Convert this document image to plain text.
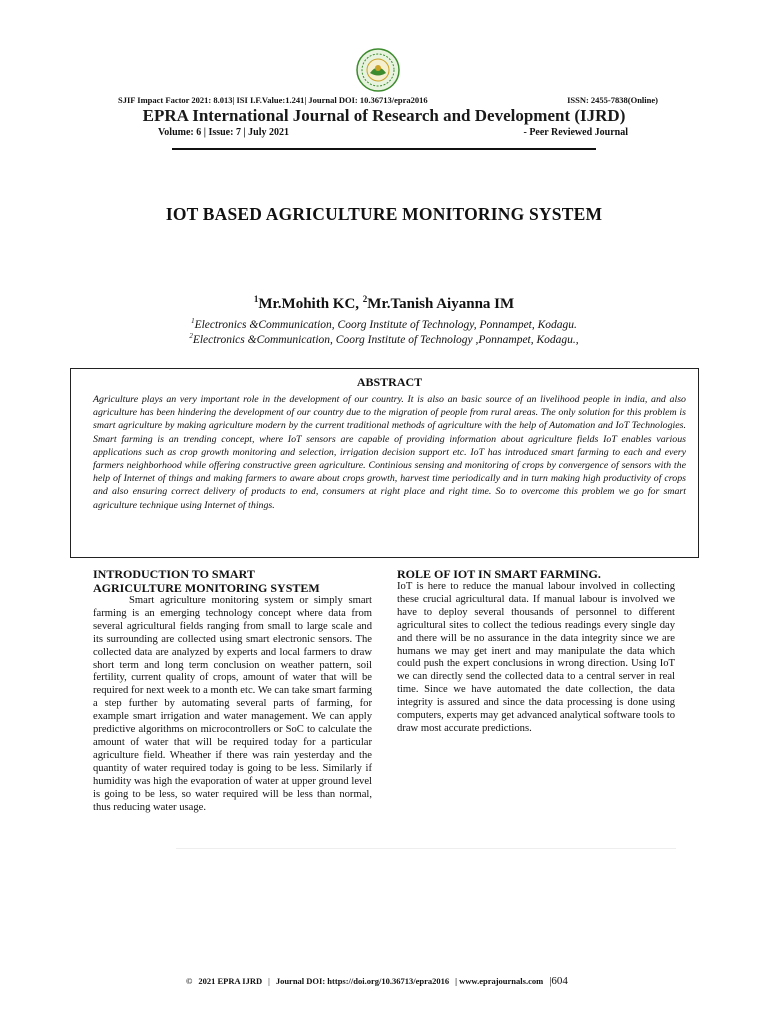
SJIF Impact Factor 2021: 8.013| ISI I.F.Value:1.241| Journal DOI: 10.36713/epra2016	ISSN: 2455-7838(Online)
EPRA International Journal of Research and Development (IJRD)
Volume: 6 | Issue: 7 | July 2021	- Peer Reviewed Journal
IOT BASED AGRICULTURE MONITORING SYSTEM
$^1$Mr.Mohith KC, $^2$Mr.Tanish Aiyanna IM
$^1$Electronics &Communication, Coorg Institute of Technology, Ponnampet, Kodagu.
$^2$Electronics &Communication, Coorg Institute of Technology ,Ponnampet, Kodagu.,

ABSTRACT

Agriculture plays an very important role in the development of our country. It is also an basic source of an livelihood people in india, and also agriculture has been hindering the development of our country due to the migration of people from rural areas. The only solution for this problem is smart agriculture by making agriculture modern by the current traditional methods of agriculture with the help of Automation and IoT Technologies. Smart farming is an trending concept, where IoT sensors are capable of providing information about agriculture fields IoT enables various applications such as crop growth monitoring and selection, irrigation decision support etc. IoT has introduced smart farming to each and every farmers neighborhood while offering constructive green agriculture. Continious sensing and monitoring of crops by convergence of sensors with the help of Internet of things and making farmers to aware about crops growth, harvest time periodically and in turn making high productivity of crops and also ensuring correct delivery of products to end, consumers at right place and right time. So to overcome this problem we go for smart agriculture technique using Internet of things.

INTRODUCTION TO SMART

AGRICULTURE MONITORING SYSTEM

Smart agriculture monitoring system or simply smart farming is an emerging technology concept where data from several agricultural fields ranging from small to large scale and its surrounding are collected using smart electronic sensors. The collected data are analyzed by experts and local farmers to draw short term and long term conclusion on weather pattern, soil fertility, current quality of crops, amount of water that will be required for next week to a month etc. We can take smart farming a step further by automating several parts of farming, for example smart irrigation and water management. We can apply predictive algorithms on microcontrollers or SoC to calculate the amount of water that will be required today for a particular agriculture field. Wheather if there was rain yesterday and the quantity of water required today is going to be less. Similarly if humidity was high the evaporation of water at upper ground level is going to be less, so water required will be less than normal, thus reducing water usage.

ROLE OF IOT IN SMART FARMING.

IoT is here to reduce the manual labour involved in collecting these crucial agricultural data. If manual labour is involved we have to deploy several thousands of personnel to different agricultural sites to collect the tedious readings every single day and there will be no assurance in the data integrity since we are humans we may get inert and may manipulate the data which could push the expert conclusions in wrong direction. Using IoT we can directly send the collected data to a central server in real time. Since we have automated the date collection, the data integrity is assured and since the data processing is done using computers, experts may get advanced analytical software tools to draw most accurate predictions.

© 2021 EPRA IJRD | Journal DOI: https://doi.org/10.36713/epra2016 | www.eprajournals.com |604
